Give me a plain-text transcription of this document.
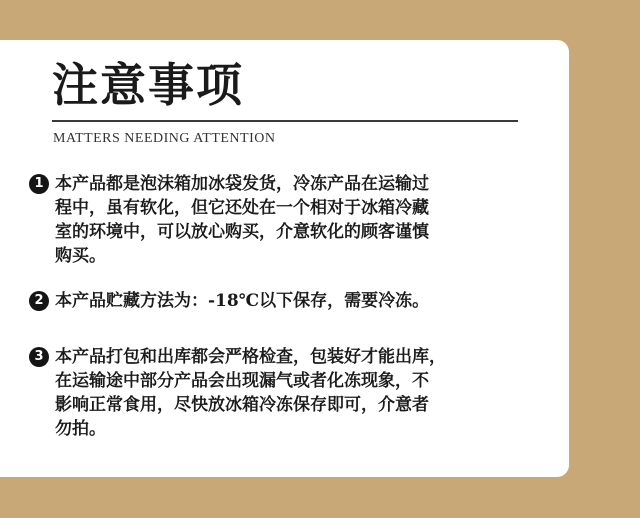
注意事项
MATTERS NEEDING ATTENTION
1 本产品都是泡沫箱加冰袋发货，冷冻产品在运输过
程中，虽有软化，但它还处在一个相对于冰箱冷藏
室的环境中，可以放心购买，介意软化的顾客谨慎
购买。
2 本产品贮藏方法为：-18℃以下保存，需要冷冻。
3 本产品打包和出库都会严格检查，包装好才能出库，
在运输途中部分产品会出现漏气或者化冻现象，不
影响正常食用，尽快放冰箱冷冻保存即可，介意者
勿拍。
